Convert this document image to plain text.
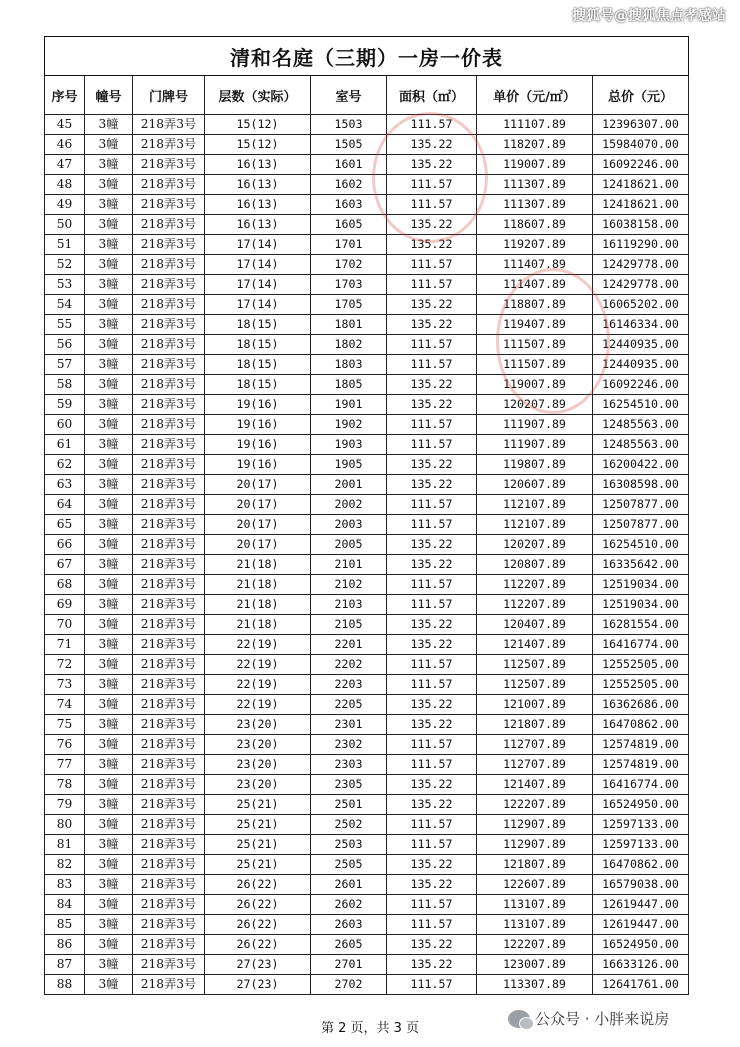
搜狐号@搜狐焦点孝感站
清和名庭（三期）一房一价表							
序号	幢号	门牌号	层数（实际）	室号	面积（㎡）	单价（元/㎡）	总价（元）
45	3幢	218弄3号	15(12)	1503	111.57	111107.89	12396307.00
46	3幢	218弄3号	15(12)	1505	135.22	118207.89	15984070.00
47	3幢	218弄3号	16(13)	1601	135.22	119007.89	16092246.00
48	3幢	218弄3号	16(13)	1602	111.57	111307.89	12418621.00
49	3幢	218弄3号	16(13)	1603	111.57	111307.89	12418621.00
50	3幢	218弄3号	16(13)	1605	135.22	118607.89	16038158.00
51	3幢	218弄3号	17(14)	1701	135.22	119207.89	16119290.00
52	3幢	218弄3号	17(14)	1702	111.57	111407.89	12429778.00
53	3幢	218弄3号	17(14)	1703	111.57	111407.89	12429778.00
54	3幢	218弄3号	17(14)	1705	135.22	118807.89	16065202.00
55	3幢	218弄3号	18(15)	1801	135.22	119407.89	16146334.00
56	3幢	218弄3号	18(15)	1802	111.57	111507.89	12440935.00
57	3幢	218弄3号	18(15)	1803	111.57	111507.89	12440935.00
58	3幢	218弄3号	18(15)	1805	135.22	119007.89	16092246.00
59	3幢	218弄3号	19(16)	1901	135.22	120207.89	16254510.00
60	3幢	218弄3号	19(16)	1902	111.57	111907.89	12485563.00
61	3幢	218弄3号	19(16)	1903	111.57	111907.89	12485563.00
62	3幢	218弄3号	19(16)	1905	135.22	119807.89	16200422.00
63	3幢	218弄3号	20(17)	2001	135.22	120607.89	16308598.00
64	3幢	218弄3号	20(17)	2002	111.57	112107.89	12507877.00
65	3幢	218弄3号	20(17)	2003	111.57	112107.89	12507877.00
66	3幢	218弄3号	20(17)	2005	135.22	120207.89	16254510.00
67	3幢	218弄3号	21(18)	2101	135.22	120807.89	16335642.00
68	3幢	218弄3号	21(18)	2102	111.57	112207.89	12519034.00
69	3幢	218弄3号	21(18)	2103	111.57	112207.89	12519034.00
70	3幢	218弄3号	21(18)	2105	135.22	120407.89	16281554.00
71	3幢	218弄3号	22(19)	2201	135.22	121407.89	16416774.00
72	3幢	218弄3号	22(19)	2202	111.57	112507.89	12552505.00
73	3幢	218弄3号	22(19)	2203	111.57	112507.89	12552505.00
74	3幢	218弄3号	22(19)	2205	135.22	121007.89	16362686.00
75	3幢	218弄3号	23(20)	2301	135.22	121807.89	16470862.00
76	3幢	218弄3号	23(20)	2302	111.57	112707.89	12574819.00
77	3幢	218弄3号	23(20)	2303	111.57	112707.89	12574819.00
78	3幢	218弄3号	23(20)	2305	135.22	121407.89	16416774.00
79	3幢	218弄3号	25(21)	2501	135.22	122207.89	16524950.00
80	3幢	218弄3号	25(21)	2502	111.57	112907.89	12597133.00
81	3幢	218弄3号	25(21)	2503	111.57	112907.89	12597133.00
82	3幢	218弄3号	25(21)	2505	135.22	121807.89	16470862.00
83	3幢	218弄3号	26(22)	2601	135.22	122607.89	16579038.00
84	3幢	218弄3号	26(22)	2602	111.57	113107.89	12619447.00
85	3幢	218弄3号	26(22)	2603	111.57	113107.89	12619447.00
86	3幢	218弄3号	26(22)	2605	135.22	122207.89	16524950.00
87	3幢	218弄3号	27(23)	2701	135.22	123007.89	16633126.00
88	3幢	218弄3号	27(23)	2702	111.57	113307.89	12641761.00
公众号 · 小胖来说房
第 2 页，共 3 页
